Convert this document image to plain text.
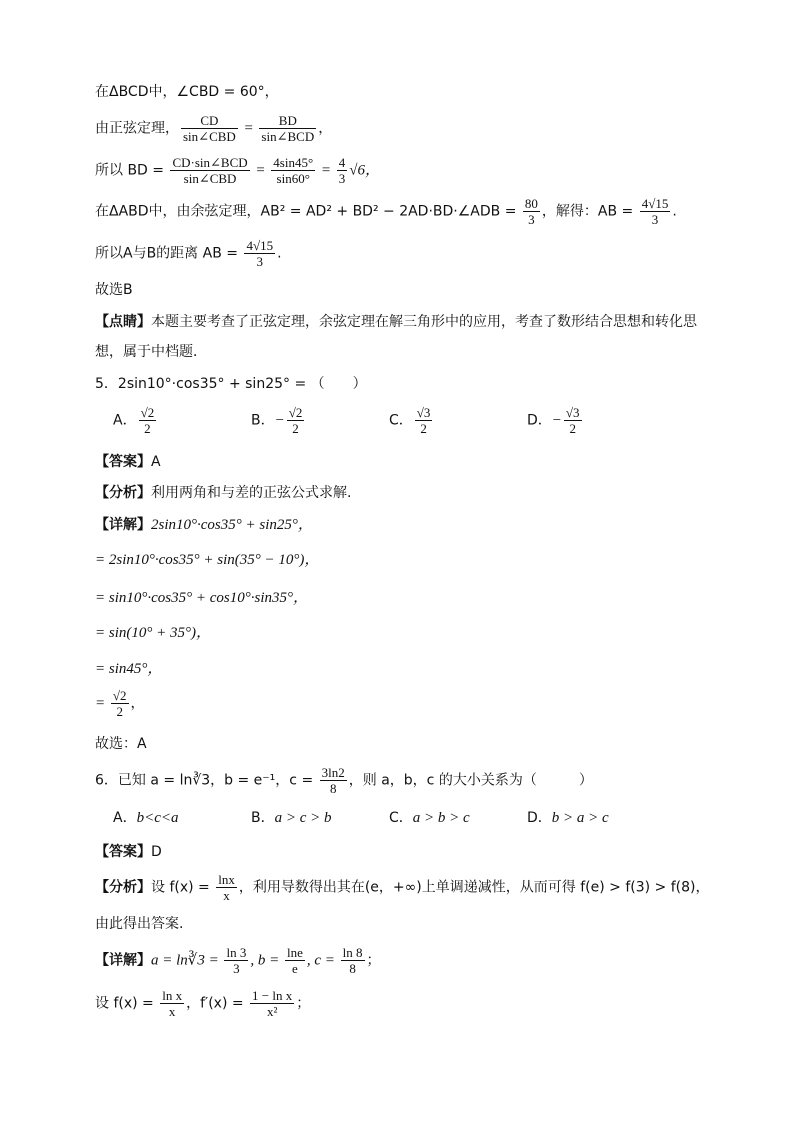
在ΔBCD中，∠CBD = 60°，
由正弦定理， $\frac{CD}{\text{sin∠CBD}} = \frac{BD}{\text{sin∠BCD}}$ ，
所以 BD = $\frac{\text{CD·sin∠BCD}}{\text{sin∠CBD}} = \frac{4\sin 45^\circ}{\sin 60^\circ} = \frac{4}{3} √6$，
在ΔABD中，由余弦定理，AB² = AD² + BD² − 2AD·BD·∠ADB = $\frac{80}{3}$ ，解得：AB = $\frac{4√15}{3}$ .
所以A与B的距离 AB = $\frac{4√15}{3}$ .
故选B
【点睛】本题主要考查了正弦定理，余弦定理在解三角形中的应用，考查了数形结合思想和转化思
想，属于中档题．
5．2sin10°·cos35° + sin25° = （　　）
A． $\frac{√2}{2}$	B．− $\frac{√2}{2}$	C． $\frac{√3}{2}$	D．− $\frac{√3}{2}$
【答案】A
【分析】利用两角和与差的正弦公式求解.
【详解】2sin10°·cos35° + sin25°，
= 2sin10°·cos35° + sin(35° − 10°)，
= sin10°·cos35° + cos10°·sin35°，
= sin(10° + 35°)，
= sin45°，
= $\frac{√2}{2}$ ，
故选：A
6．已知 a = ln∛3，b = e⁻¹，$c = \frac{3\ln 2}{8}$ ，则 a，b，c 的大小关系为（　　　）
A．b<c<a	B．a > c > b	C．a > b > c	D．b > a > c
【答案】D
【分析】设 $f(x) = \frac{\ln x}{x}$ ，利用导数得出其在(e，+∞)上单调递减性，从而可得 f(e) > f(3) > f(8)，
由此得出答案.
【详解】a = ln∛3 = $\frac{\ln 3}{3}$ , $b = \frac{\ln e}{e}$ , $c = \frac{\ln 8}{8}$ ；
设 $f(x) = \frac{\text{ln x}}{x}$ ，$f'(x) = \frac{\text{1 − ln x}}{\text{x²}}$ ；
